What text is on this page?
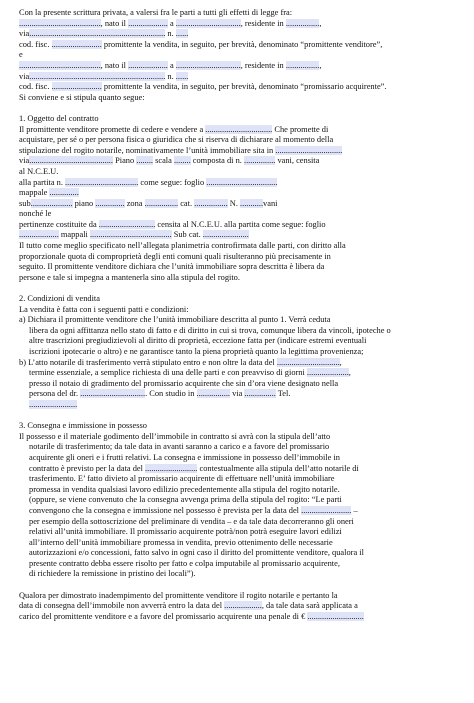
Con la presente scrittura privata, a valersi fra le parti a tutti gli effetti di legge fra:
......................................., nato il ................... a ..............................., residente in ................,
via................................................................. n. ......
cod. fisc. ........................ promittente la vendita, in seguito, per brevità, denominato “promittente venditore”,
e
......................................., nato il ................... a ..............................., residente in ................,
via................................................................. n. ......
cod. fisc. ........................ promittente la vendita, in seguito, per brevità, denominato “promissario acquirente”.
Si conviene e si stipula quanto segue:
1. Oggetto del contratto
Il promittente venditore promette di cedere e vendere a ................................ Che promette di
acquistare, per sé o per persona fisica o giuridica che si riserva di dichiarare al momento della
stipulazione del rogito notarile, nominativamente l’unità immobiliare sita in ................................
via........................................ Piano ........ scala ........ composta di n. ............... vani, censita
al N.C.E.U.
alla partita n. ................................... come segue: foglio ..................................
mappale ..............
sub.................... piano .............. zona ................ cat. ................ N. ...........vani
nonché le
pertinenze costituite da ........................... censita al N.C.E.U. alla partita come segue: foglio
................... mappali ....................................... Sub cat. ......................
Il tutto come meglio specificato nell’allegata planimetria controfirmata dalle parti, con diritto alla
proporzionale quota di comproprietà degli enti comuni quali risulteranno più precisamente in
seguito. Il promittente venditore dichiara che l’unità immobiliare sopra descritta è libera da
persone e tale si impegna a mantenerla sino alla stipula del rogito.
2. Condizioni di vendita
La vendita è fatta con i seguenti patti e condizioni:
a) Dichiara il promittente venditore che l’unità immobiliare descritta al punto 1. Verrà ceduta
libera da ogni affittanza nello stato di fatto e di diritto in cui si trova, comunque libera da vincoli, ipoteche o
altre trascrizioni pregiudizievoli al diritto di proprietà, eccezione fatta per (indicare estremi eventuali
iscrizioni ipotecarie o altro) e ne garantisce tanto la piena proprietà quanto la legittima provenienza;
b) L’atto notarile di trasferimento verrà stipulato entro e non oltre la data del ..............................,
termine essenziale, a semplice richiesta di una delle parti e con preavviso di giorni ....................,
presso il notaio di gradimento del promissario acquirente che sin d’ora viene designato nella
persona del dr. ................................ Con studio in ................ via ............... Tel.
.......................
3. Consegna e immissione in possesso
Il possesso e il materiale godimento dell’immobile in contratto si avrà con la stipula dell’atto
notarile di trasferimento; da tale data in avanti saranno a carico e a favore del promissario
acquirente gli oneri e i frutti relativi. La consegna e immissione in possesso dell’immobile in
contratto è previsto per la data del ......................... contestualmente alla stipula dell’atto notarile di
trasferimento. E’ fatto divieto al promissario acquirente di effettuare nell’unità immobiliare
promessa in vendita qualsiasi lavoro edilizio precedentemente alla stipula del rogito notarile.
(oppure, se viene convenuto che la consegna avvenga prima della stipula del rogito: “Le parti
convengono che la consegna e immissione nel possesso è prevista per la data del ........................ –
per esempio della sottoscrizione del preliminare di vendita – e da tale data decorreranno gli oneri
relativi all’unità immobiliare. Il promissario acquirente potrà/non potrà eseguire lavori edilizi
all’interno dell’unità immobiliare promessa in vendita, previo ottenimento delle necessarie
autorizzazioni e/o concessioni, fatto salvo in ogni caso il diritto del promittente venditore, qualora il
presente contratto debba essere risolto per fatto e colpa imputabile al promissario acquirente,
di richiedere la remissione in pristino dei locali”).
Qualora per dimostrato inadempimento del promittente venditore il rogito notarile e pertanto la
data di consegna dell’immobile non avverrà entro la data del .................., da tale data sarà applicata a
carico del promittente venditore e a favore del promissario acquirente una penale di € ...........................
